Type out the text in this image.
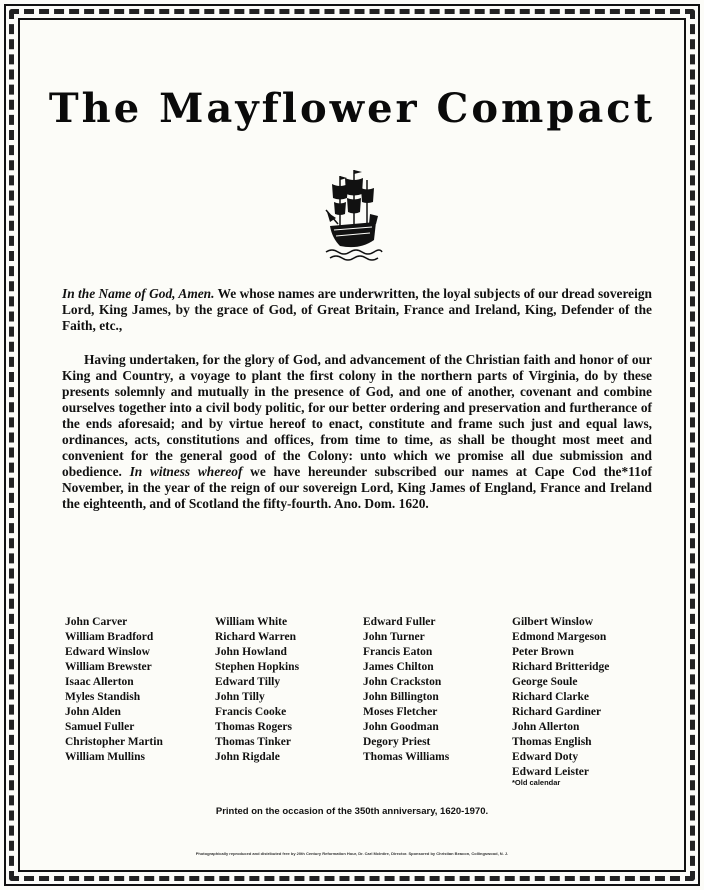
The Mayflower Compact
In the Name of God, Amen. We whose names are underwritten, the loyal subjects of our dread sovereign Lord, King James, by the grace of God, of Great Britain, France and Ireland, King, Defender of the Faith, etc.,
Having undertaken, for the glory of God, and advancement of the Christian faith and honor of our King and Country, a voyage to plant the first colony in the northern parts of Virginia, do by these presents solemnly and mutually in the presence of God, and one of another, covenant and combine ourselves together into a civil body politic, for our better ordering and preservation and furtherance of the ends aforesaid; and by virtue hereof to enact, constitute and frame such just and equal laws, ordinances, acts, constitutions and offices, from time to time, as shall be thought most meet and convenient for the general good of the Colony: unto which we promise all due submission and obedience. In witness whereof we have hereunder subscribed our names at Cape Cod the*11of November, in the year of the reign of our sovereign Lord, King James of England, France and Ireland the eighteenth, and of Scotland the fifty-fourth. Ano. Dom. 1620.
John Carver
William Bradford
Edward Winslow
William Brewster
Isaac Allerton
Myles Standish
John Alden
Samuel Fuller
Christopher Martin
William Mullins
William White
Richard Warren
John Howland
Stephen Hopkins
Edward Tilly
John Tilly
Francis Cooke
Thomas Rogers
Thomas Tinker
John Rigdale
Edward Fuller
John Turner
Francis Eaton
James Chilton
John Crackston
John Billington
Moses Fletcher
John Goodman
Degory Priest
Thomas Williams
Gilbert Winslow
Edmond Margeson
Peter Brown
Richard Britteridge
George Soule
Richard Clarke
Richard Gardiner
John Allerton
Thomas English
Edward Doty
Edward Leister
*Old calendar
Printed on the occasion of the 350th anniversary, 1620-1970.
Photographically reproduced and distributed free by 20th Century Reformation Hour, Dr. Carl McIntire, Director. Sponsored by Christian Beacon, Collingswood, N. J.
